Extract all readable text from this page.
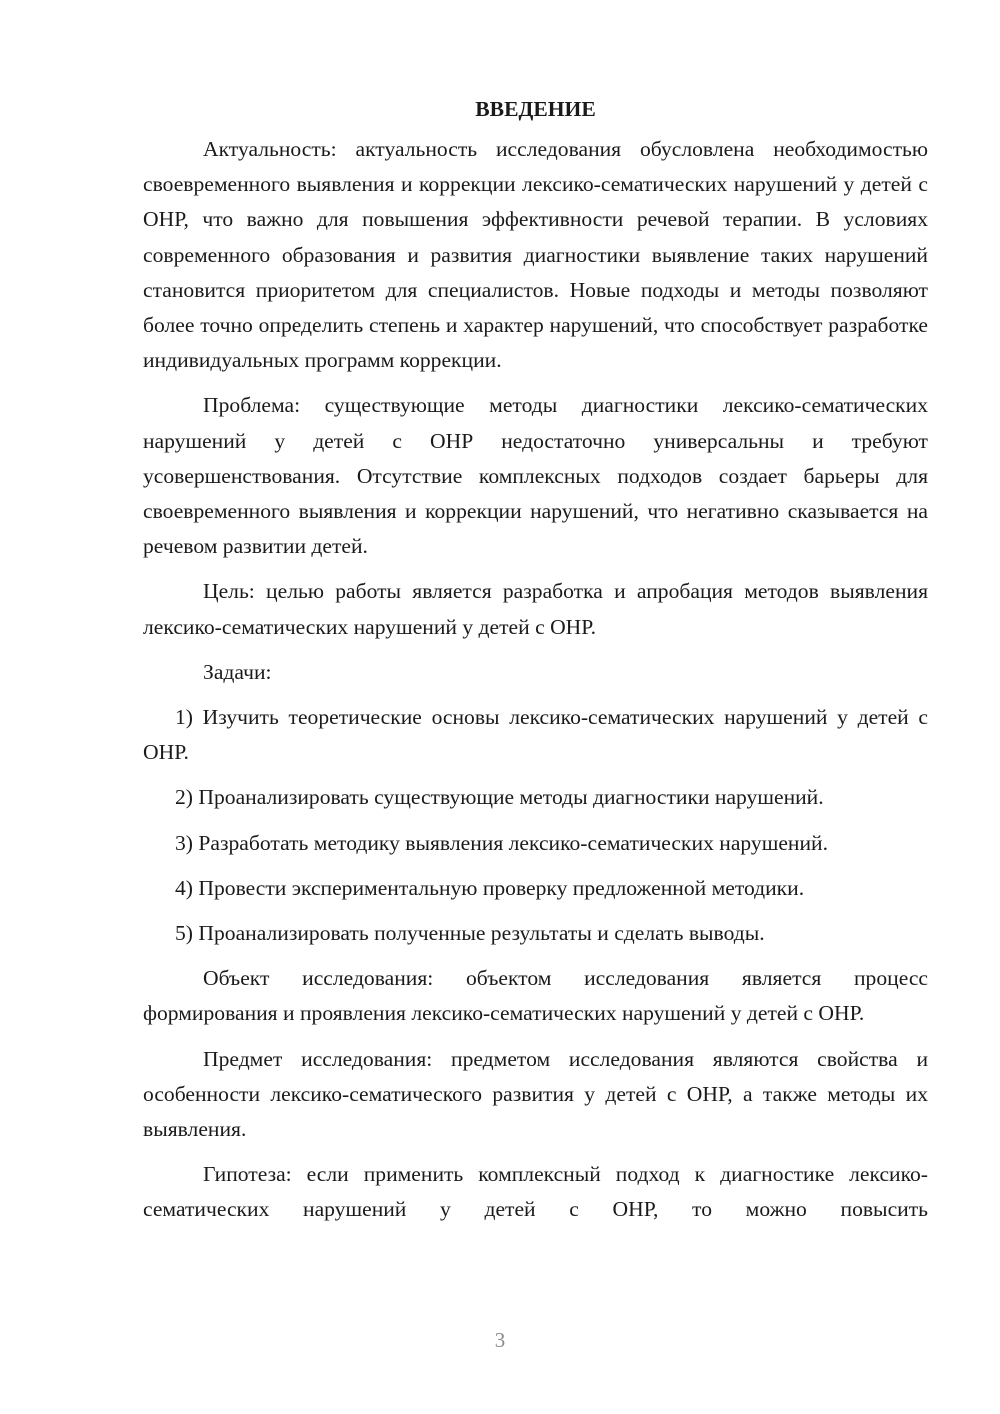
ВВЕДЕНИЕ

Актуальность: актуальность исследования обусловлена необходимостью своевременного выявления и коррекции лексико-сематических нарушений у детей с ОНР, что важно для повышения эффективности речевой терапии. В условиях современного образования и развития диагностики выявление таких нарушений становится приоритетом для специалистов. Новые подходы и методы позволяют более точно определить степень и характер нарушений, что способствует разработке индивидуальных программ коррекции.

Проблема: существующие методы диагностики лексико-сематических нарушений у детей с ОНР недостаточно универсальны и требуют усовершенствования. Отсутствие комплексных подходов создает барьеры для своевременного выявления и коррекции нарушений, что негативно сказывается на речевом развитии детей.

Цель: целью работы является разработка и апробация методов выявления лексико-сематических нарушений у детей с ОНР.

Задачи:

1) Изучить теоретические основы лексико-сематических нарушений у детей с ОНР.

2) Проанализировать существующие методы диагностики нарушений.

3) Разработать методику выявления лексико-сематических нарушений.

4) Провести экспериментальную проверку предложенной методики.

5) Проанализировать полученные результаты и сделать выводы.

Объект исследования: объектом исследования является процесс формирования и проявления лексико-сематических нарушений у детей с ОНР.

Предмет исследования: предметом исследования являются свойства и особенности лексико-сематического развития у детей с ОНР, а также методы их выявления.

Гипотеза: если применить комплексный подход к диагностике лексико-сематических нарушений у детей с ОНР, то можно повысить

3
